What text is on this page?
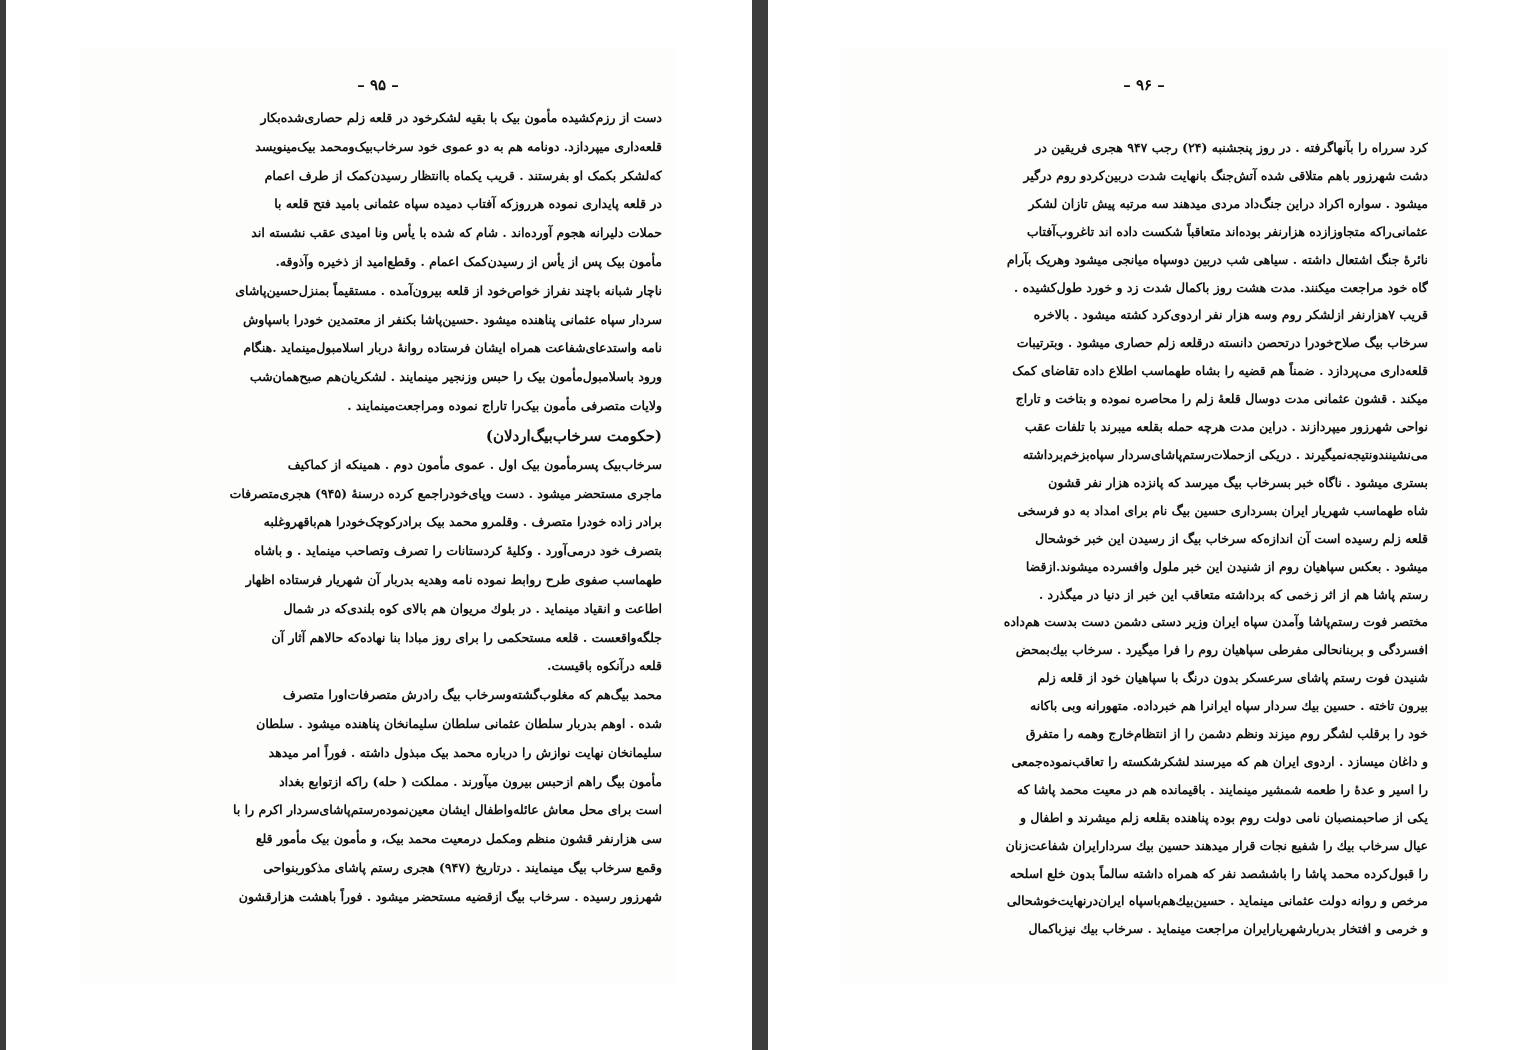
– ۹۵ –
دست از رزم‌کشیده مأمون بیک با بقیه لشکرخود در قلعه زلم حصاری‌شده‌بکار
قلعه‌داری میپردازد. دونامه هم به دو عموی خود سرخاب‌بیک‌ومحمد بیک‌مینویسد
که‌لشکر بکمک او بفرستند . قریب یکماه باانتظار رسیدن‌کمک از طرف اعمام
در قلعه پایداری نموده هرروزکه آفتاب دمیده سپاه عثمانی بامید فتح قلعه با
حملات دلیرانه هجوم آورده‌اند . شام که شده با یأس ونا امیدی عقب نشسته اند
مأمون بیک پس از یأس از رسیدن‌کمک اعمام . وقطع‌امید از ذخیره وآذوقه.
ناچار شبانه باچند نفراز خواص‌خود از قلعه بیرون‌آمده . مستقیماً بمنزل‌حسین‌پاشای
سردار سپاه عثمانی پناهنده میشود .حسین‌پاشا بکنفر از معتمدین خودرا باسپاوش
نامه واستدعای‌شفاعت همراه ایشان فرستاده روانهٔ دربار اسلامبول‌مینماید .هنگام
ورود باسلامبول‌مأمون بیک را حبس وزنجیر مینمایند . لشکریان‌هم صبح‌همان‌شب
ولایات متصرفی مأمون بیک‌را تاراج نموده ومراجعت‌مینمایند .
(حکومت سرخاب‌بیگ‌اردلان)
سرخاب‌بیک پسرمأمون بیک اول . عموی مأمون دوم . همینکه از کماکیف
ماجری مستحضر میشود . دست وپای‌خودراجمع کرده درسنهٔ (۹۴۵) هجری‌متصرفات
برادر زاده خودرا متصرف . وقلمرو محمد بیک برادرکوچک‌خودرا هم‌باقهروغلبه
بتصرف خود درمی‌آورد . وکلیهٔ کردستانات را تصرف وتصاحب مینماید . و باشاه
طهماسب صفوی طرح روابط نموده نامه وهدیه بدربار آن شهریار فرستاده اظهار
اطاعت و انقیاد مینماید . در بلوك مریوان هم بالای کوه بلندی‌که در شمال
جلگه‌واقعست . قلعه مستحکمی را برای روز مبادا بنا نهاده‌که حالاهم آثار آن
قلعه درآنکوه باقیست.
محمد بیگ‌هم که مغلوب‌گشته‌وسرخاب بیگ رادرش متصرفات‌اورا متصرف
شده . اوهم بدربار سلطان عثمانی سلطان سلیمانخان پناهنده میشود . سلطان
سلیمانخان نهایت نوازش را درباره محمد بیک مبذول داشته . فوراً امر میدهد
مأمون بیگ راهم ازحبس بیرون میآورند . مملکت ( حله) راکه ازتوابع بغداد
است برای محل معاش عائله‌واطفال ایشان معین‌نموده‌رستم‌پاشای‌سردار اکرم را با
سی هزارنفر قشون منظم ومکمل درمعیت محمد بیک، و مأمون بیک مأمور قلع
وقمع سرخاب بیگ مینمایند . درتاریخ (۹۴۷) هجری رستم پاشای مذکوربنواحی
شهرزور رسیده . سرخاب بیگ ازقضیه مستحضر میشود . فوراً باهشت هزارقشون
– ۹۶ –
کرد سرراه را بآنها‌گرفته . در روز پنجشنبه (۲۴) رجب ۹۴۷ هجری فریقین در
دشت شهرزور باهم متلاقی شده آتش‌جنگ بانهایت شدت دربین‌کردو روم درگیر
میشود . سواره اکراد دراین جنگ‌داد مردی میدهند سه مرتبه پیش تازان لشکر
عثمانی‌راکه متجاوزازده هزارنفر بوده‌اند متعاقباً شکست داده اند تاغروب‌آفتاب
نائرهٔ جنگ اشتعال داشته . سیاهی شب دربین دوسپاه میانجی میشود وهریک بآرام
گاه خود مراجعت میکنند. مدت هشت روز باکمال شدت زد و خورد طول‌کشیده .
قریب ۷هزارنفر ازلشکر روم وسه هزار نفر اردوی‌کرد کشته میشود . بالاخره
سرخاب بیگ صلاح‌خودرا درتحصن دانسته درقلعه زلم حصاری میشود . وبترتیبات
قلعه‌داری می‌پردازد . ضمناً هم قضیه را بشاه طهماسب اطلاع داده تقاضای کمک
میکند . قشون عثمانی مدت دوسال قلعهٔ زلم را محاصره نموده و بتاخت و تاراج
نواحی شهرزور میپردازند . دراین مدت هرچه حمله بقلعه میبرند با تلفات عقب
می‌نشینندونتیجه‌نمیگیرند . دریکی ازحملات‌رستم‌پاشای‌سردار سپاه‌بزخم‌برداشته
بستری میشود . ناگاه خبر بسرخاب بیگ میرسد که پانزده هزار نفر قشون
شاه طهماسب شهریار ایران بسرداری حسین بیگ نام برای امداد به دو فرسخی
قلعه زلم رسیده است آن اندازه‌که سرخاب بیگ از رسیدن این خبر خوشحال
میشود . بعکس سپاهیان روم از شنیدن این خبر ملول وافسرده میشوند.ازقضا
رستم پاشا هم از اثر زخمی که برداشته متعاقب این خبر از دنیا در میگذرد .
مختصر فوت رستم‌پاشا وآمدن سپاه ایران وزیر دستی دشمن دست بدست هم‌داده
افسردگی و بربنانحالی مفرطی سپاهیان روم را فرا میگیرد . سرخاب بیك‌بمحض
شنیدن فوت رستم پاشای سرعسکر بدون درنگ با سپاهیان خود از قلعه زلم
بیرون تاخته . حسین بیك سردار سپاه ایرانرا هم خبرداده. متهورانه وبی باکانه
خود را برقلب لشگر روم میزند ونظم دشمن را از انتظام‌خارج وهمه را متفرق
و داغان میسازد . اردوی ایران هم که میرسند لشکرشکسته را تعاقب‌نموده‌جمعی
را اسیر و عدهٔ را طعمه شمشیر مینمایند . باقیمانده هم در معیت محمد پاشا که
یکی از صاحبمنصبان نامی دولت روم بوده پناهنده بقلعه زلم میشرند و اطفال و
عیال سرخاب بیك را شفیع نجات قرار میدهند حسین بیك سردارایران شفاعت‌ز‌نان
را قبول‌کرده محمد پاشا را باششصد نفر که همراه داشته سالماً بدون خلع اسلحه
مرخص و روانه دولت عثمانی مینماید . حسین‌بیك‌هم‌باسپاه ایران‌درنهایت‌خوشحالی
و خرمی و افتخار بدربارشهریارایران مراجعت مینماید . سرخاب بیك نیزباکمال
